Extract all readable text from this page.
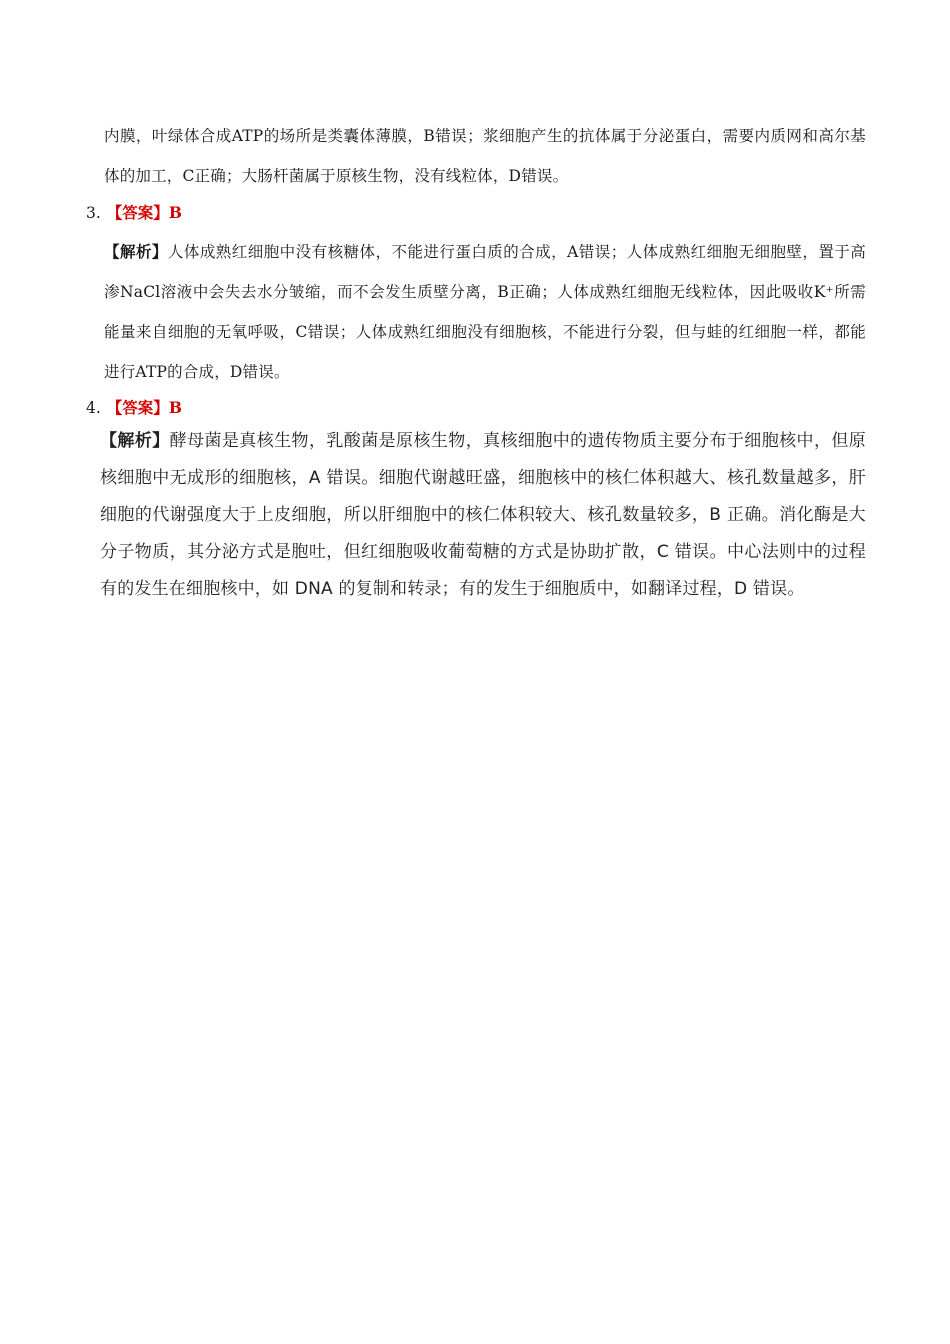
内膜，叶绿体合成ATP的场所是类囊体薄膜，B错误；浆细胞产生的抗体属于分泌蛋白，需要内质网和高尔基体的加工，C正确；大肠杆菌属于原核生物，没有线粒体，D错误。

3. 【答案】B

【解析】人体成熟红细胞中没有核糖体，不能进行蛋白质的合成，A错误；人体成熟红细胞无细胞壁，置于高渗NaCl溶液中会失去水分皱缩，而不会发生质壁分离，B正确；人体成熟红细胞无线粒体，因此吸收K⁺所需能量来自细胞的无氧呼吸，C错误；人体成熟红细胞没有细胞核，不能进行分裂，但与蛙的红细胞一样，都能进行ATP的合成，D错误。

4. 【答案】B

【解析】酵母菌是真核生物，乳酸菌是原核生物，真核细胞中的遗传物质主要分布于细胞核中，但原核细胞中无成形的细胞核，A 错误。细胞代谢越旺盛，细胞核中的核仁体积越大、核孔数量越多，肝细胞的代谢强度大于上皮细胞，所以肝细胞中的核仁体积较大、核孔数量较多，B 正确。消化酶是大分子物质，其分泌方式是胞吐，但红细胞吸收葡萄糖的方式是协助扩散，C 错误。中心法则中的过程有的发生在细胞核中，如 DNA 的复制和转录；有的发生于细胞质中，如翻译过程，D 错误。
